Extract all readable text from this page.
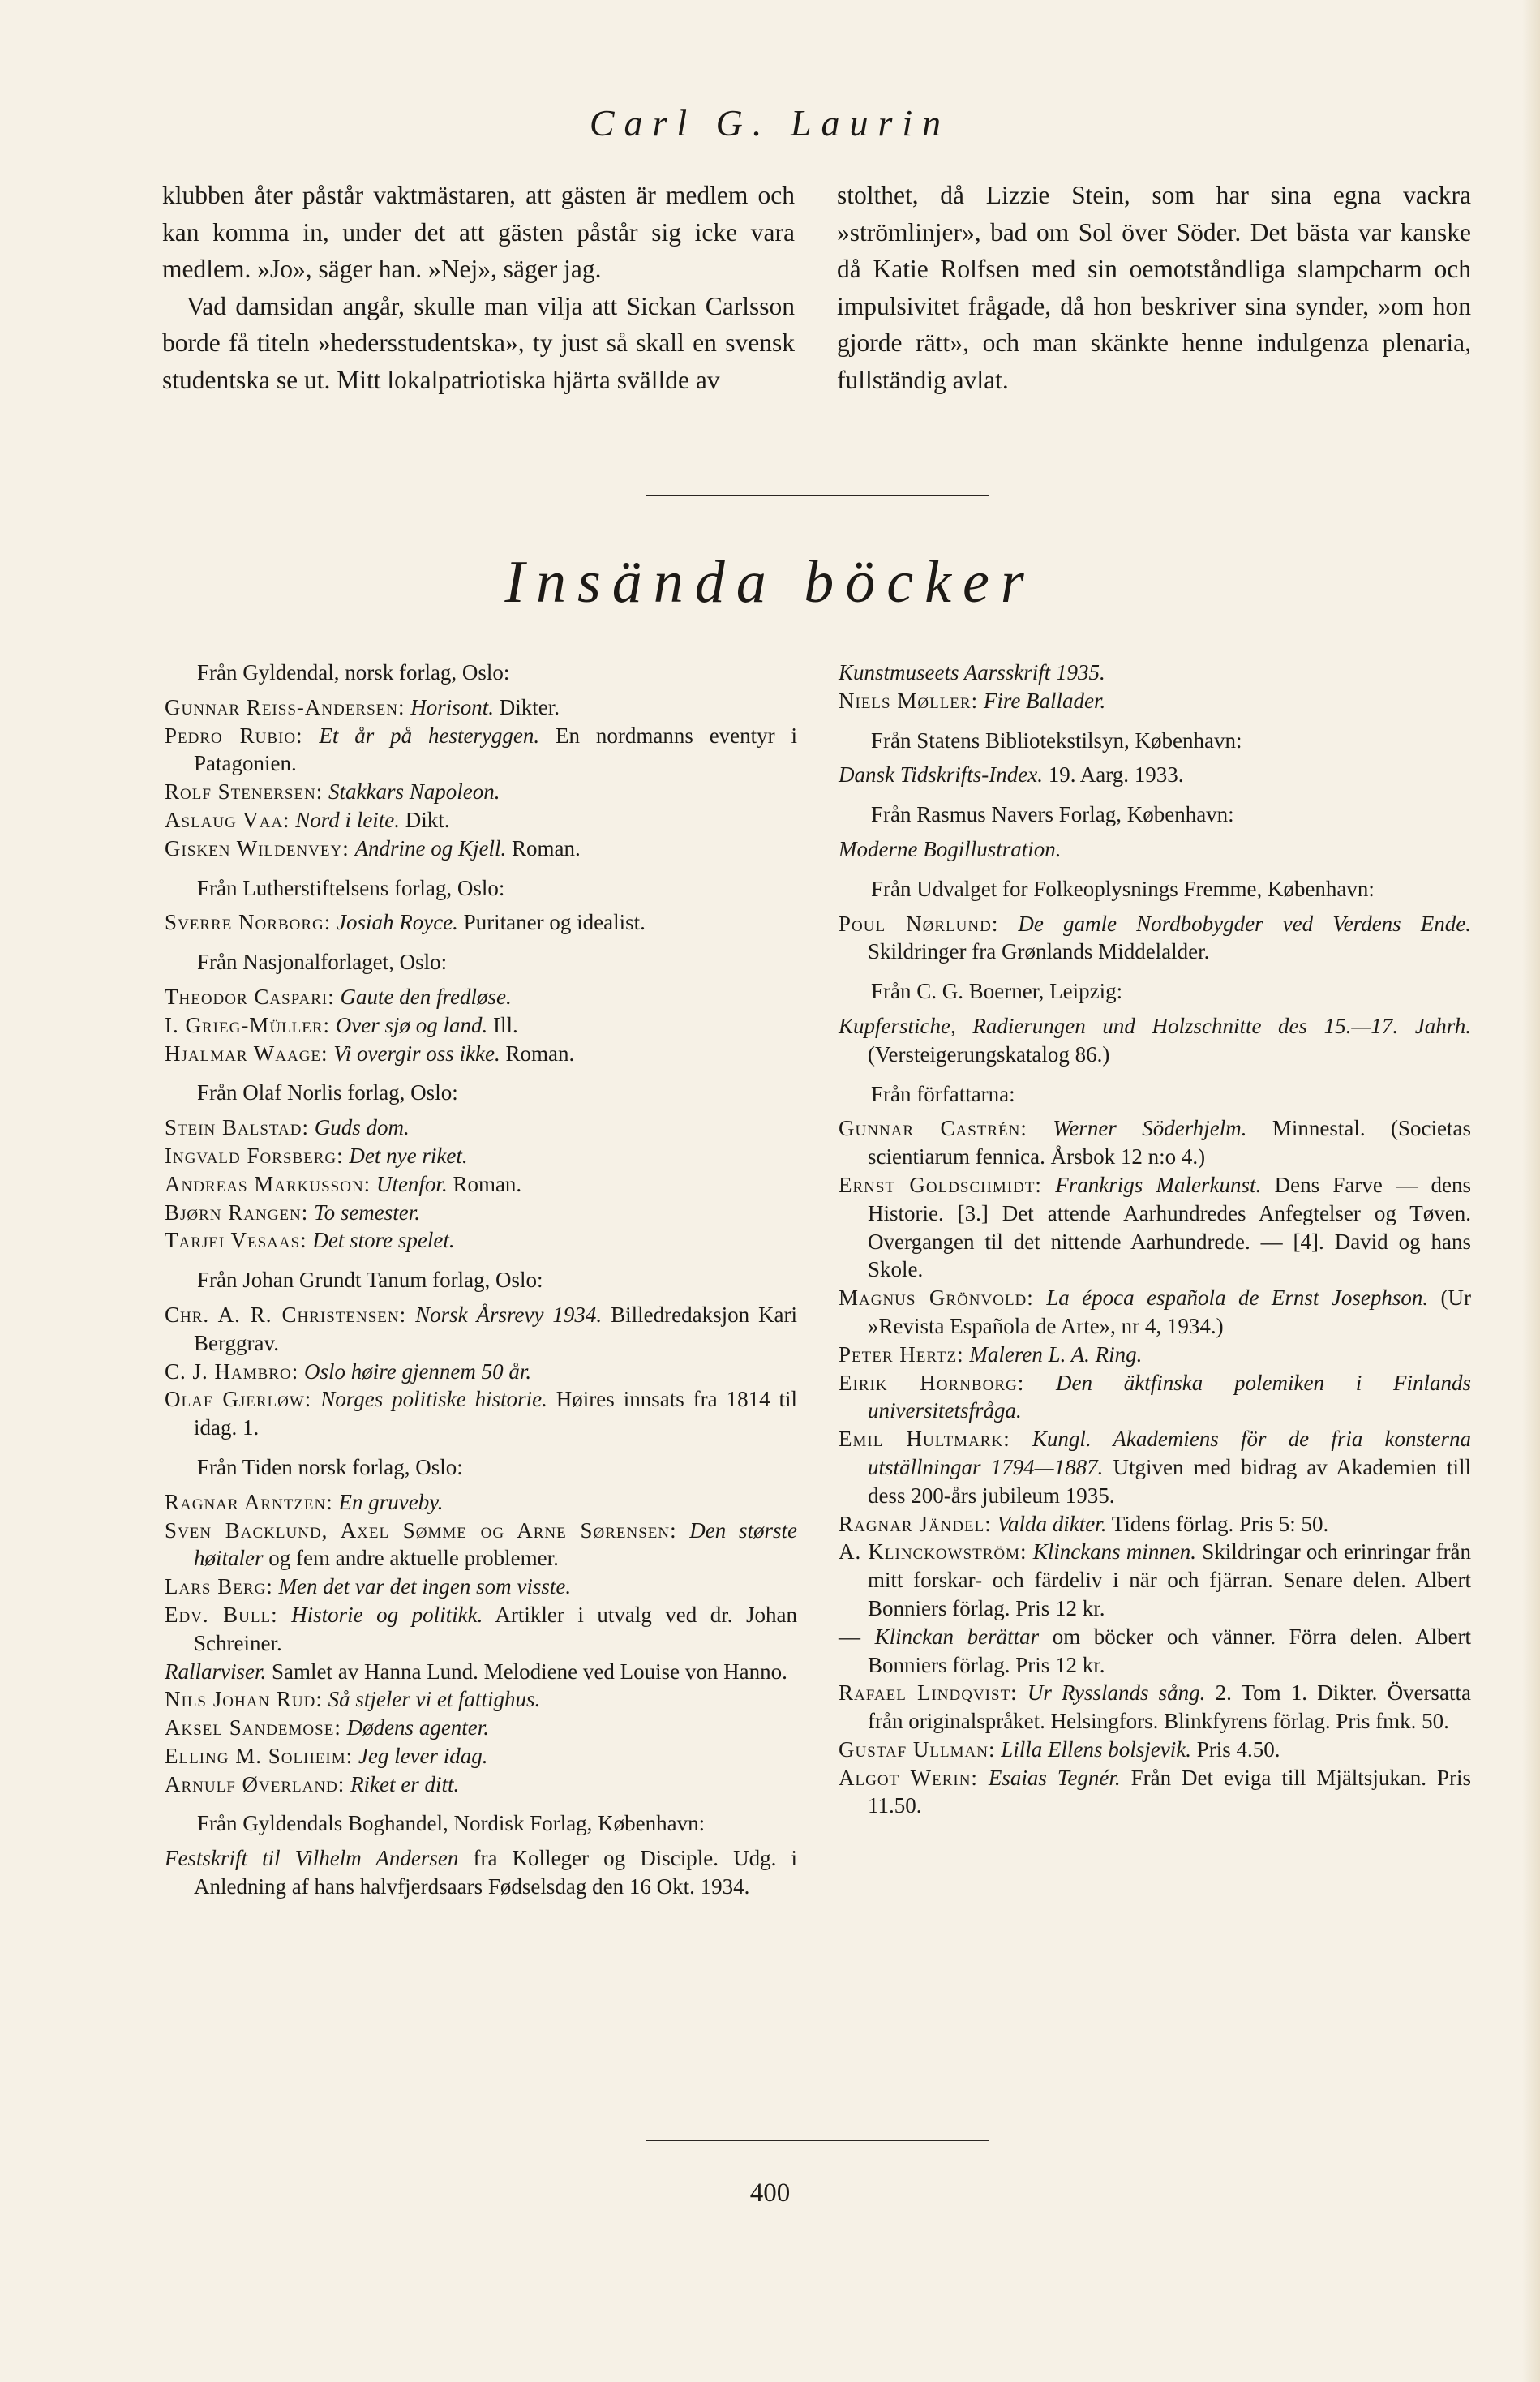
Carl G. Laurin

klubben åter påstår vaktmästaren, att gästen är medlem och kan komma in, under det att gästen påstår sig icke vara medlem. »Jo», säger han. »Nej», säger jag.

Vad damsidan angår, skulle man vilja att Sickan Carlsson borde få titeln »hedersstudentska», ty just så skall en svensk studentska se ut. Mitt lokalpatriotiska hjärta svällde av

stolthet, då Lizzie Stein, som har sina egna vackra »strömlinjer», bad om Sol över Söder. Det bästa var kanske då Katie Rolfsen med sin oemotståndliga slampcharm och impulsivitet frågade, då hon beskriver sina synder, »om hon gjorde rätt», och man skänkte henne indulgenza plenaria, fullständig avlat.

Insända böcker
Från Gyldendal, norsk forlag, Oslo:
Gunnar Reiss-Andersen: Horisont. Dikter.
Pedro Rubio: Et år på hesteryggen. En nordmanns eventyr i Patagonien.
Rolf Stenersen: Stakkars Napoleon.
Aslaug Vaa: Nord i leite. Dikt.
Gisken Wildenvey: Andrine og Kjell. Roman.
Från Lutherstiftelsens forlag, Oslo:
Sverre Norborg: Josiah Royce. Puritaner og idealist.
Från Nasjonalforlaget, Oslo:
Theodor Caspari: Gaute den fredløse.
I. Grieg-Müller: Over sjø og land. Ill.
Hjalmar Waage: Vi overgir oss ikke. Roman.
Från Olaf Norlis forlag, Oslo:
Stein Balstad: Guds dom.
Ingvald Forsberg: Det nye riket.
Andreas Markusson: Utenfor. Roman.
Bjørn Rangen: To semester.
Tarjei Vesaas: Det store spelet.
Från Johan Grundt Tanum forlag, Oslo:
Chr. A. R. Christensen: Norsk Årsrevy 1934. Billedredaksjon Kari Berggrav.
C. J. Hambro: Oslo høire gjennem 50 år.
Olaf Gjerløw: Norges politiske historie. Høires innsats fra 1814 til idag. 1.
Från Tiden norsk forlag, Oslo:
Ragnar Arntzen: En gruveby.
Sven Backlund, Axel Sømme og Arne Sørensen: Den største høitaler og fem andre aktuelle problemer.
Lars Berg: Men det var det ingen som visste.
Edv. Bull: Historie og politikk. Artikler i utvalg ved dr. Johan Schreiner.
Rallarviser. Samlet av Hanna Lund. Melodiene ved Louise von Hanno.
Nils Johan Rud: Så stjeler vi et fattighus.
Aksel Sandemose: Dødens agenter.
Elling M. Solheim: Jeg lever idag.
Arnulf Øverland: Riket er ditt.
Från Gyldendals Boghandel, Nordisk Forlag, København:
Festskrift til Vilhelm Andersen fra Kolleger og Disciple. Udg. i Anledning af hans halvfjerdsaars Fødselsdag den 16 Okt. 1934.
Kunstmuseets Aarsskrift 1935.
Niels Møller: Fire Ballader.
Från Statens Bibliotekstilsyn, København:
Dansk Tidskrifts-Index. 19. Aarg. 1933.
Från Rasmus Navers Forlag, København:
Moderne Bogillustration.
Från Udvalget for Folkeoplysnings Fremme, København:
Poul Nørlund: De gamle Nordbobygder ved Verdens Ende. Skildringer fra Grønlands Middelalder.
Från C. G. Boerner, Leipzig:
Kupferstiche, Radierungen und Holzschnitte des 15.—17. Jahrh. (Versteigerungskatalog 86.)
Från författarna:
Gunnar Castrén: Werner Söderhjelm. Minnestal. (Societas scientiarum fennica. Årsbok 12 n:o 4.)
Ernst Goldschmidt: Frankrigs Malerkunst. Dens Farve — dens Historie. [3.] Det attende Aarhundredes Anfegtelser og Tøven. Overgangen til det nittende Aarhundrede. — [4]. David og hans Skole.
Magnus Grönvold: La época española de Ernst Josephson. (Ur »Revista Española de Arte», nr 4, 1934.)
Peter Hertz: Maleren L. A. Ring.
Eirik Hornborg: Den äktfinska polemiken i Finlands universitetsfråga.
Emil Hultmark: Kungl. Akademiens för de fria konsterna utställningar 1794—1887. Utgiven med bidrag av Akademien till dess 200-års jubileum 1935.
Ragnar Jändel: Valda dikter. Tidens förlag. Pris 5: 50.
A. Klinckowström: Klinckans minnen. Skildringar och erinringar från mitt forskar- och färdeliv i när och fjärran. Senare delen. Albert Bonniers förlag. Pris 12 kr.
— Klinckan berättar om böcker och vänner. Förra delen. Albert Bonniers förlag. Pris 12 kr.
Rafael Lindqvist: Ur Rysslands sång. 2. Tom 1. Dikter. Översatta från originalspråket. Helsingfors. Blinkfyrens förlag. Pris fmk. 50.
Gustaf Ullman: Lilla Ellens bolsjevik. Pris 4.50.
Algot Werin: Esaias Tegnér. Från Det eviga till Mjältsjukan. Pris 11.50.
400
